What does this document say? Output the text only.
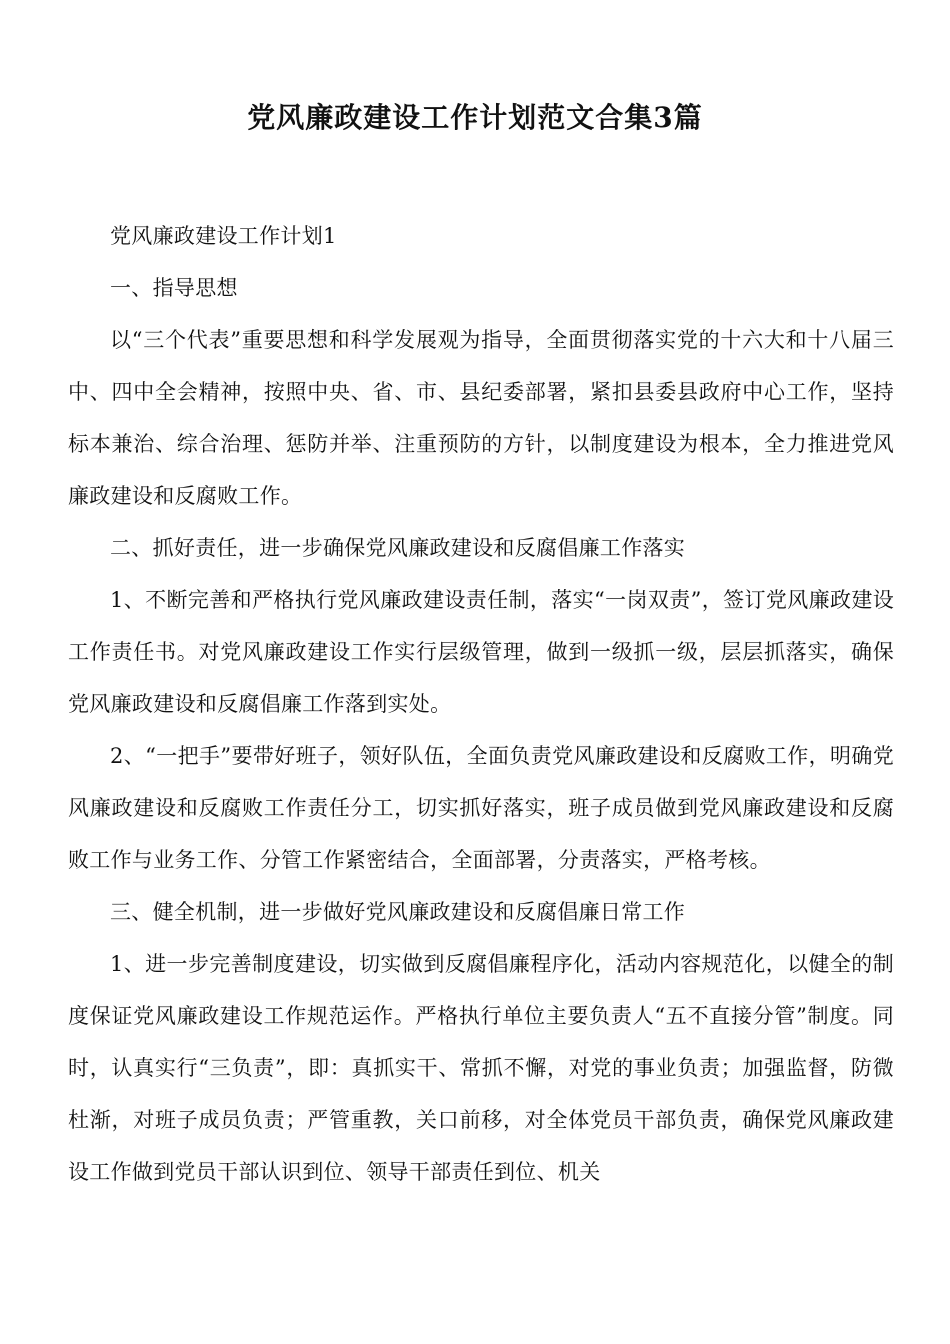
党风廉政建设工作计划范文合集3篇

党风廉政建设工作计划1

一、指导思想

以“三个代表”重要思想和科学发展观为指导，全面贯彻落实党的十六大和十八届三中、四中全会精神，按照中央、省、市、县纪委部署，紧扣县委县政府中心工作，坚持标本兼治、综合治理、惩防并举、注重预防的方针，以制度建设为根本，全力推进党风廉政建设和反腐败工作。

二、抓好责任，进一步确保党风廉政建设和反腐倡廉工作落实

1、不断完善和严格执行党风廉政建设责任制，落实“一岗双责”，签订党风廉政建设工作责任书。对党风廉政建设工作实行层级管理，做到一级抓一级，层层抓落实，确保党风廉政建设和反腐倡廉工作落到实处。

2、“一把手”要带好班子，领好队伍，全面负责党风廉政建设和反腐败工作，明确党风廉政建设和反腐败工作责任分工，切实抓好落实，班子成员做到党风廉政建设和反腐败工作与业务工作、分管工作紧密结合，全面部署，分责落实，严格考核。

三、健全机制，进一步做好党风廉政建设和反腐倡廉日常工作

1、进一步完善制度建设，切实做到反腐倡廉程序化，活动内容规范化，以健全的制度保证党风廉政建设工作规范运作。严格执行单位主要负责人“五不直接分管”制度。同时，认真实行“三负责”，即：真抓实干、常抓不懈，对党的事业负责；加强监督，防微杜渐，对班子成员负责；严管重教，关口前移，对全体党员干部负责，确保党风廉政建设工作做到党员干部认识到位、领导干部责任到位、机关
